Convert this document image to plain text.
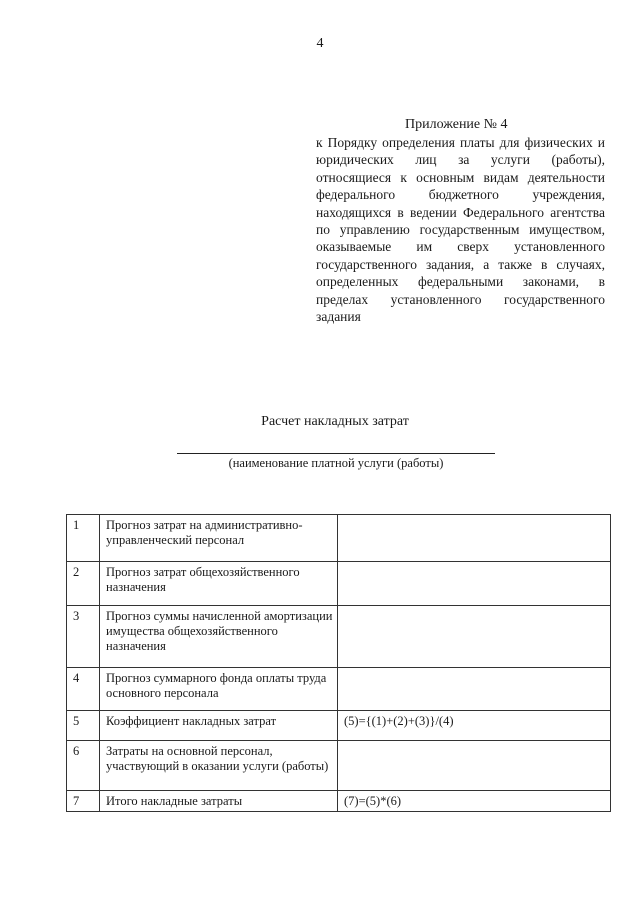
4
Приложение № 4
к Порядку определения платы для физических и юридических лиц за услуги (работы), относящиеся к основным видам деятельности федерального бюджетного учреждения, находящихся в ведении Федерального агентства по управлению государственным имуществом, оказываемые им сверх установленного государственного задания, а также в случаях, определенных федеральными законами, в пределах установленного государственного задания
Расчет накладных затрат
(наименование платной услуги (работы)
1	Прогноз затрат на административно-управленческий персонал	
2	Прогноз затрат общехозяйственного назначения	
3	Прогноз суммы начисленной амортизации имущества общехозяйственного назначения	
4	Прогноз суммарного фонда оплаты труда основного персонала	
5	Коэффициент накладных затрат	(5)={(1)+(2)+(3)}/(4)
6	Затраты на основной персонал, участвующий в оказании услуги (работы)	
7	Итого накладные затраты	(7)=(5)*(6)
